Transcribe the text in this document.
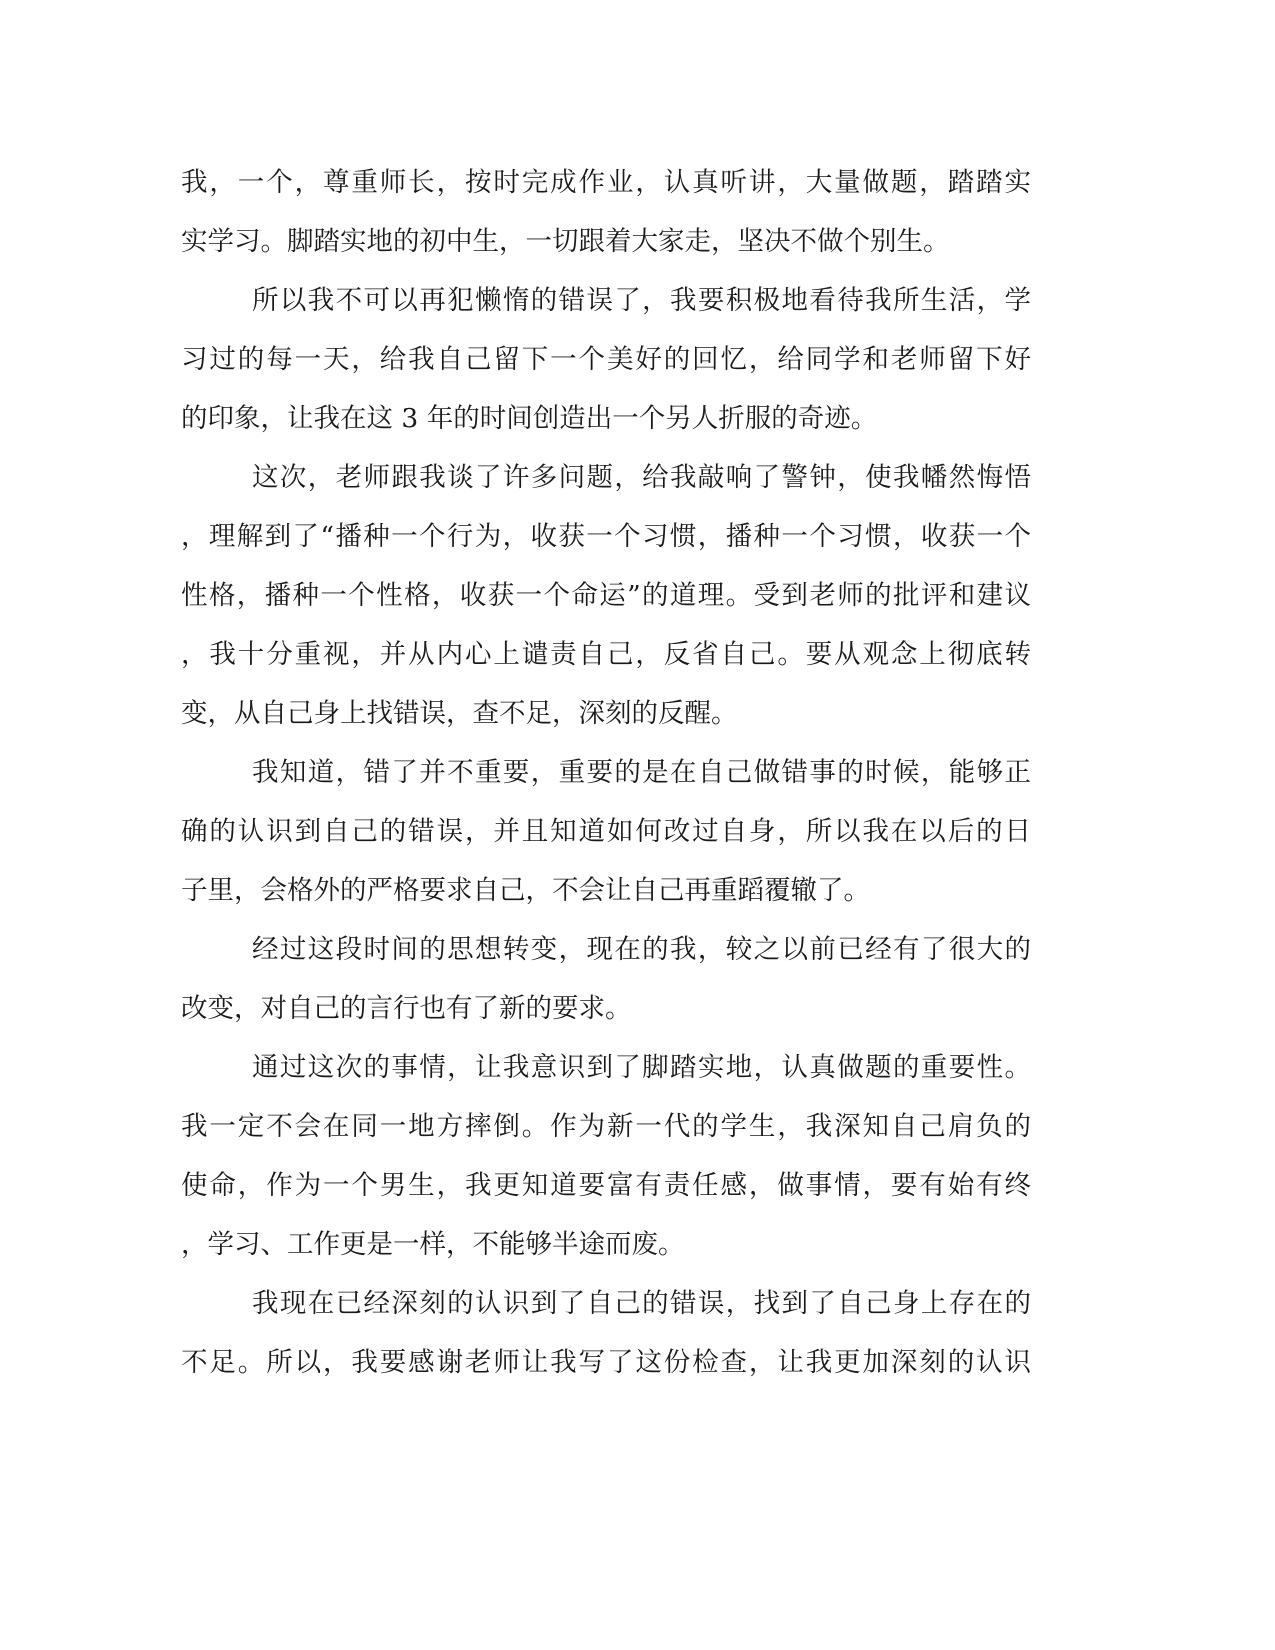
我，一个，尊重师长，按时完成作业，认真听讲，大量做题，踏踏实
实学习。脚踏实地的初中生，一切跟着大家走，坚决不做个别生。
所以我不可以再犯懒惰的错误了，我要积极地看待我所生活，学
习过的每一天，给我自己留下一个美好的回忆，给同学和老师留下好
的印象，让我在这 3 年的时间创造出一个另人折服的奇迹。
这次，老师跟我谈了许多问题，给我敲响了警钟，使我幡然悔悟
，理解到了“播种一个行为，收获一个习惯，播种一个习惯，收获一个
性格，播种一个性格，收获一个命运”的道理。受到老师的批评和建议
，我十分重视，并从内心上谴责自己，反省自己。要从观念上彻底转
变，从自己身上找错误，查不足，深刻的反醒。
我知道，错了并不重要，重要的是在自己做错事的时候，能够正
确的认识到自己的错误，并且知道如何改过自身，所以我在以后的日
子里，会格外的严格要求自己，不会让自己再重蹈覆辙了。
经过这段时间的思想转变，现在的我，较之以前已经有了很大的
改变，对自己的言行也有了新的要求。
通过这次的事情，让我意识到了脚踏实地，认真做题的重要性。
我一定不会在同一地方摔倒。作为新一代的学生，我深知自己肩负的
使命，作为一个男生，我更知道要富有责任感，做事情，要有始有终
，学习、工作更是一样，不能够半途而废。
我现在已经深刻的认识到了自己的错误，找到了自己身上存在的
不足。所以，我要感谢老师让我写了这份检查，让我更加深刻的认识
